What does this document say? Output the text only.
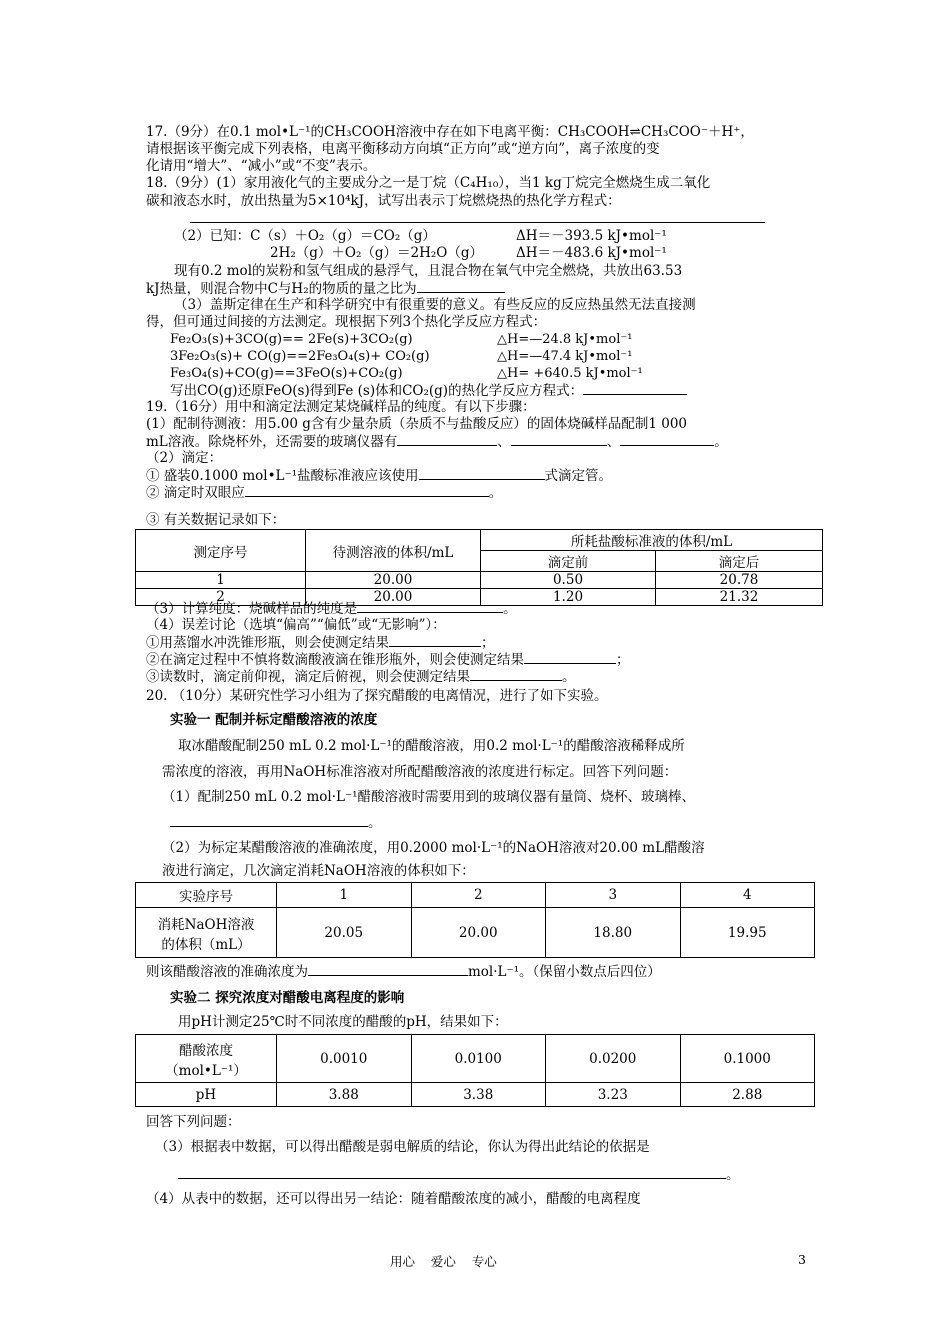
17.（9分）在0.1 mol•L⁻¹的CH₃COOH溶液中存在如下电离平衡：CH₃COOH⇌CH₃COO⁻＋H⁺，
请根据该平衡完成下列表格，电离平衡移动方向填“正方向”或“逆方向”，离子浓度的变
化请用“增大”、“减小”或“不变”表示。
18.（9分）(1）家用液化气的主要成分之一是丁烷（C₄H₁₀），当1 kg丁烷完全燃烧生成二氧化
碳和液态水时，放出热量为5×10⁴kJ，试写出表示丁烷燃烧热的热化学方程式：
（2）已知：C（s）＋O₂（g）＝CO₂（g）	ΔH＝－393.5 kJ•mol⁻¹
2H₂（g）＋O₂（g）＝2H₂O（g） ΔH＝－483.6 kJ•mol⁻¹
现有0.2 mol的炭粉和氢气组成的悬浮气，且混合物在氧气中完全燃烧，共放出63.53
kJ热量，则混合物中C与H₂的物质的量之比为
（3）盖斯定律在生产和科学研究中有很重要的意义。有些反应的反应热虽然无法直接测
得，但可通过间接的方法测定。现根据下列3个热化学反应方程式：
Fe₂O₃(s)+3CO(g)== 2Fe(s)+3CO₂(g)	△H=—24.8 kJ•mol⁻¹
3Fe₂O₃(s)+ CO(g)==2Fe₃O₄(s)+ CO₂(g)	△H=—47.4 kJ•mol⁻¹
Fe₃O₄(s)+CO(g)==3FeO(s)+CO₂(g)	△H= +640.5 kJ•mol⁻¹
写出CO(g)还原FeO(s)得到Fe (s)体和CO₂(g)的热化学反应方程式：
19.（16分）用中和滴定法测定某烧碱样品的纯度。有以下步骤：
(1）配制待测液：用5.00 g含有少量杂质（杂质不与盐酸反应）的固体烧碱样品配制1 000
mL溶液。除烧杯外，还需要的玻璃仪器有	、	、	。
（2）滴定：
① 盛装0.1000 mol•L⁻¹盐酸标准液应该使用	式滴定管。
② 滴定时双眼应	。
③ 有关数据记录如下：
测定序号	待测溶液的体积/mL	所耗盐酸标准液的体积/mL	
		滴定前	滴定后
1	20.00	0.50	20.78
2	20.00	1.20	21.32
（3）计算纯度：烧碱样品的纯度是	。
（4）误差讨论（选填“偏高”“偏低”或“无影响”）：
①用蒸馏水冲洗锥形瓶，则会使测定结果	；
②在滴定过程中不慎将数滴酸液滴在锥形瓶外，则会使测定结果	；
③读数时，滴定前仰视，滴定后俯视，则会使测定结果	。
20. （10分）某研究性学习小组为了探究醋酸的电离情况，进行了如下实验。
实验一 配制并标定醋酸溶液的浓度
取冰醋酸配制250 mL 0.2 mol·L⁻¹的醋酸溶液，用0.2 mol·L⁻¹的醋酸溶液稀释成所
需浓度的溶液，再用NaOH标准溶液对所配醋酸溶液的浓度进行标定。回答下列问题：
（1）配制250 mL 0.2 mol·L⁻¹醋酸溶液时需要用到的玻璃仪器有量筒、烧杯、玻璃棒、
。
（2）为标定某醋酸溶液的准确浓度，用0.2000 mol·L⁻¹的NaOH溶液对20.00 mL醋酸溶
液进行滴定，几次滴定消耗NaOH溶液的体积如下：
实验序号	1	2	3	4

消耗NaOH溶液
的体积（mL）	20.05	20.00	18.80	19.95
则该醋酸溶液的准确浓度为	mol·L⁻¹。（保留小数点后四位）
实验二 探究浓度对醋酸电离程度的影响
用pH计测定25℃时不同浓度的醋酸的pH，结果如下：
醋酸浓度
（mol•L⁻¹）	0.0010	0.0100	0.0200	0.1000
pH	3.88	3.38	3.23	2.88
回答下列问题：
（3）根据表中数据，可以得出醋酸是弱电解质的结论，你认为得出此结论的依据是
。
（4）从表中的数据，还可以得出另一结论：随着醋酸浓度的减小，醋酸的电离程度
用心    爱心    专心	3
